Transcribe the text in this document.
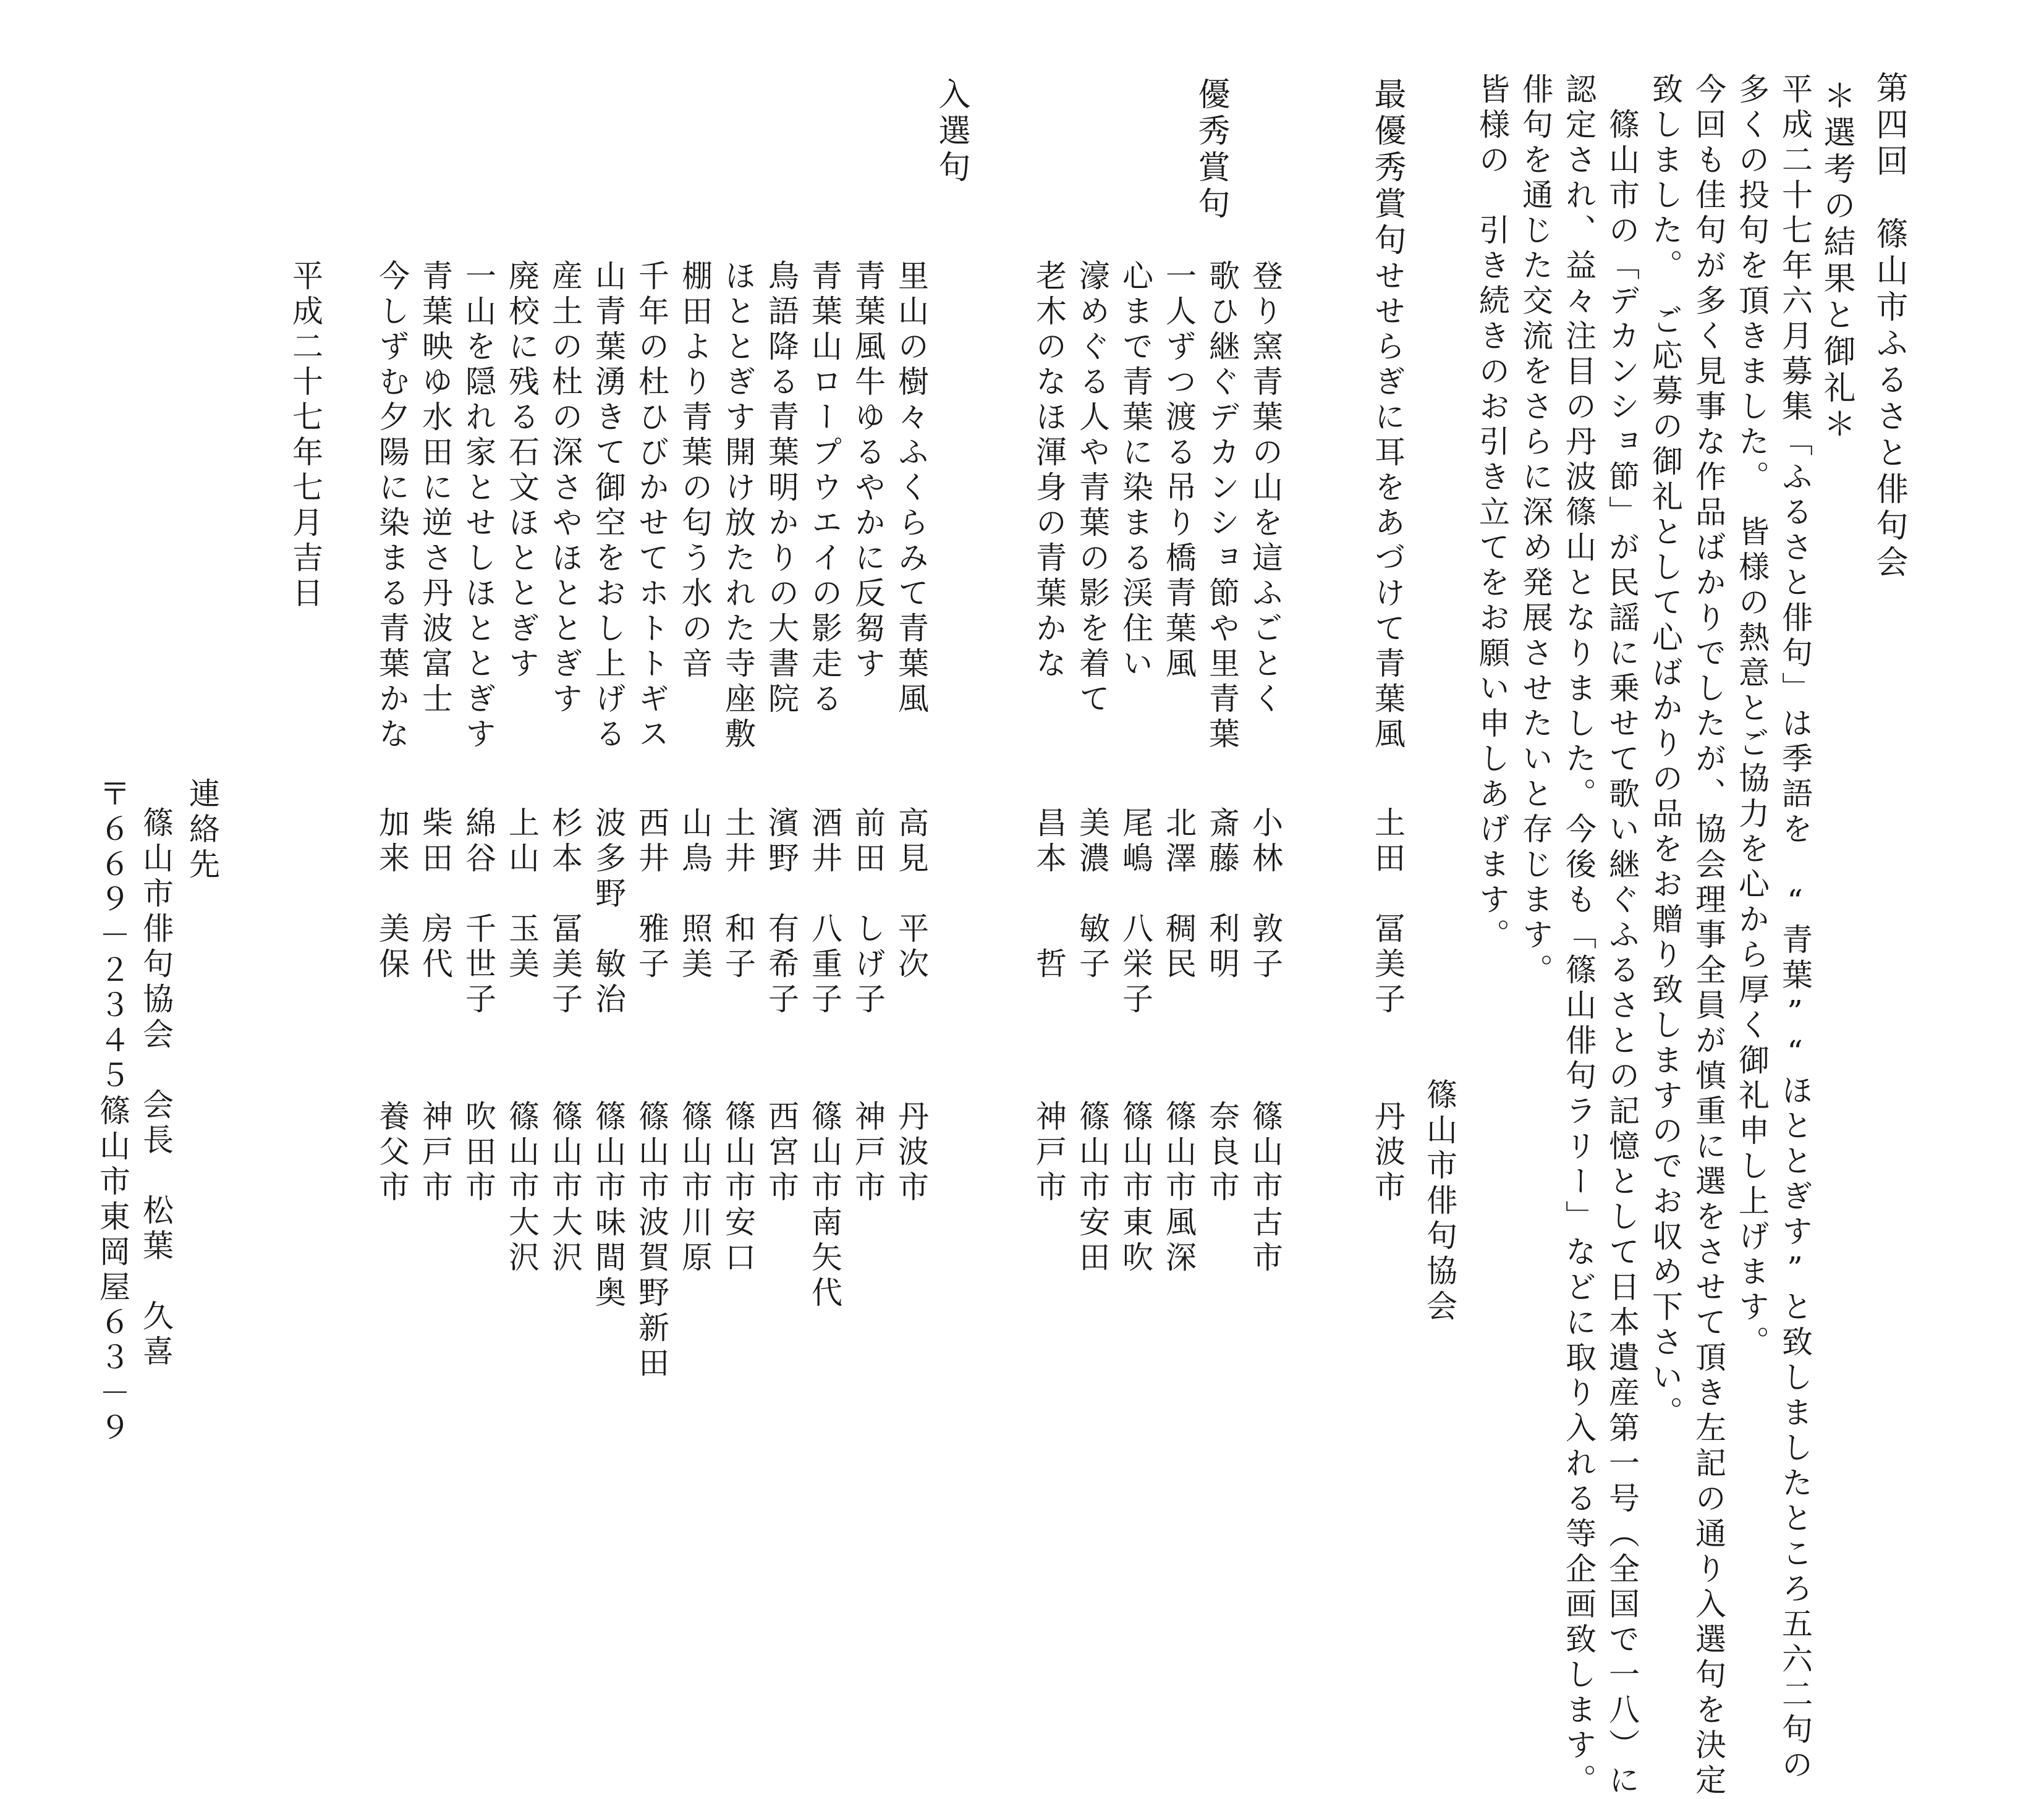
第四回　篠山市ふるさと俳句会
＊選考の結果と御礼＊
平成二十七年六月募集「ふるさと俳句」は季語を　“青葉”“ほととぎす”と致しましたところ五六二句の
多くの投句を頂きました。　皆様の熱意とご協力を心から厚く御礼申し上げます。
今回も佳句が多く見事な作品ばかりでしたが、協会理事全員が慎重に選をさせて頂き左記の通り入選句を決定
致しました。　ご応募の御礼として心ばかりの品をお贈り致しますのでお収め下さい。
　篠山市の「デカンショ節」が民謡に乗せて歌い継ぐふるさとの記憶として日本遺産第一号（全国で一八）に
認定され、益々注目の丹波篠山となりました。今後も「篠山俳句ラリー」などに取り入れる等企画致します。
俳句を通じた交流をさらに深め発展させたいと存じます。
皆様の　引き続きのお引き立てをお願い申しあげます。
篠山市俳句協会
最優秀賞句
せせらぎに耳をあづけて青葉風
土田　冨美子
丹波市
優秀賞句
登り窯青葉の山を這ふごとく
小林　敦子
篠山市古市
歌ひ継ぐデカンショ節や里青葉
斎藤　利明
奈良市
一人ずつ渡る吊り橋青葉風
北澤　稠民
篠山市風深
心まで青葉に染まる渓住い
尾嶋　八栄子
篠山市東吹
濠めぐる人や青葉の影を着て
美濃　敏子
篠山市安田
老木のなほ渾身の青葉かな
昌本　　哲
神戸市
入選句
里山の樹々ふくらみて青葉風
高見　平次
丹波市
青葉風牛ゆるやかに反芻す
前田　しげ子
神戸市
青葉山ロープウエイの影走る
酒井　八重子
篠山市南矢代
鳥語降る青葉明かりの大書院
濱野　有希子
西宮市
ほととぎす開け放たれた寺座敷
土井　和子
篠山市安口
棚田より青葉の匂う水の音
山鳥　照美
篠山市川原
千年の杜ひびかせてホトトギス
西井　雅子
篠山市波賀野新田
山青葉湧きて御空をおし上げる
波多野　敏治
篠山市味間奥
産土の杜の深さやほととぎす
杉本　冨美子
篠山市大沢
廃校に残る石文ほととぎす
上山　玉美
篠山市大沢
一山を隠れ家とせしほととぎす
綿谷　千世子
吹田市
青葉映ゆ水田に逆さ丹波富士
柴田　房代
神戸市
今しずむ夕陽に染まる青葉かな
加来　美保
養父市
平成二十七年七月吉日
連絡先
篠山市俳句協会　会長　松葉　久喜
〒６６９－２３４５篠山市東岡屋６３－９
